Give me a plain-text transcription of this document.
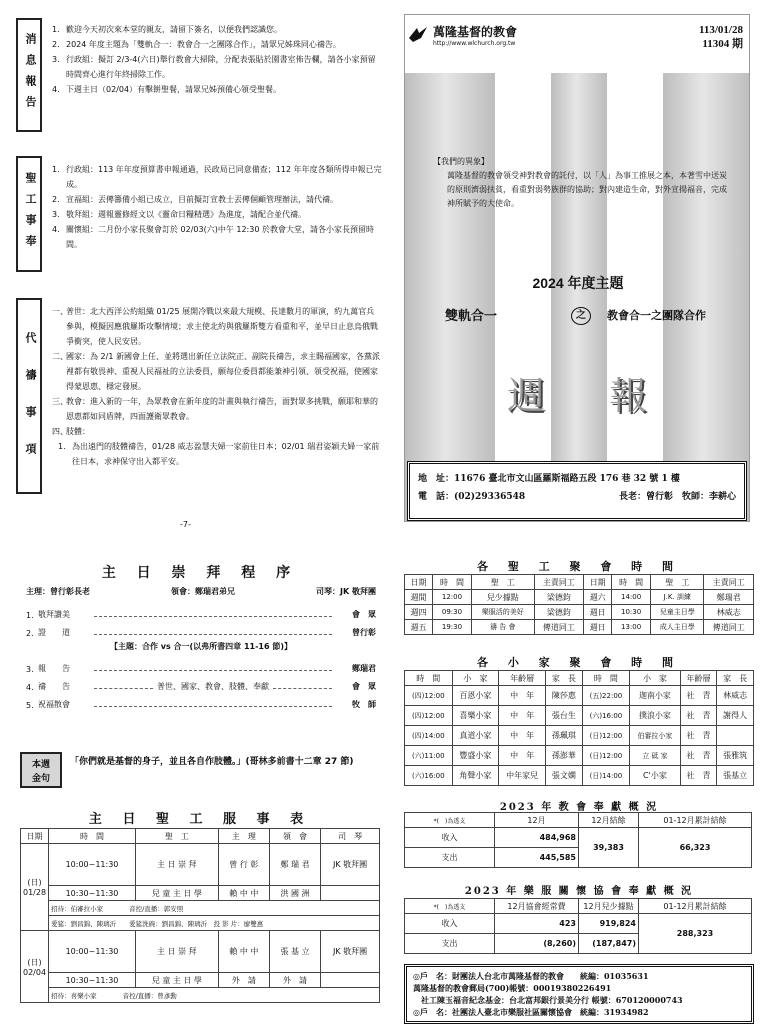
消息報告
1. 歡迎今天初次來本堂的親友，請留下簽名，以便我們認識您。
2. 2024 年度主題為「雙軌合一：教會合一之團隊合作」，請眾兄姊珠同心禱告。
3. 行政組：擬訂 2/3-4(六日)舉行教會大掃除，分配表張貼於園書室佈告欄，請各小家預留時間齊心進行年終掃除工作。
4. 下週主日（02/04）有擊餅聖餐，請眾兄姊預備心領受聖餐。
聖工事奉
1. 行政組：113 年年度預算書申報通過，民政局已同意備查；112 年年度各類所得申報已完成。
2. 宣福組：丟傳籌備小組已成立，目前擬訂宣教士丟傳個顧管理辦法，請代禱。
3. 敬拜組：週報靈修經文以《靈命日糧精選》為進度，請配合並代禱。
4. 關懷組：二月份小家長聚會訂於 02/03(六)中午 12:30 於教會大堂，請各小家長預留時間。
代禱事項
一、
普世：北大西洋公約組織 01/25 展開冷戰以來最大規模、長達數月的軍演，約九萬官兵參與，模擬因應俄羅斯攻擊情境；求主使北約與俄羅斯雙方看重和平，並早日止息烏俄戰爭衝突，使人民安居。
二、
國家：為 2/1 新國會上任、並將選出新任立法院正、副院長禱告，求主賜福國家，各黨派裡都有敬畏神、重視人民福祉的立法委員，願每位委員都能兼神引領、領受祝福，使國家得蒙恩惠、穩定發展。
三、
教會：進入新的一年，為眾教會在新年度的計畫與執行禱告，面對眾多挑戰，願耶和華的恩惠都如同盾牌，四面護衛眾教會。
四、
肢體：
1. 為出遠門的肢體禱告，01/28 威志盈慧夫婦一家前往日本；02/01 瑞君姿穎夫婦一家前往日本，求神保守出入都平安。
-7-
萬隆基督的教會
http://www.wlchurch.org.tw
113/01/28
11304 期
【我們的異象】
萬隆基督的教會領受神對教會的託付，以「人」為事工推展之本，本著雪中送炭的原則濟弱扶貧，看重對弱勢族群的協助；對內建造生命，對外宣揚福音，完成神所賦予的大使命。
2024 年度主題
雙軌合一	之	教會合一之團隊合作
週 報
地　址：11676 臺北市文山區羅斯福路五段 176 巷 32 號 1 樓
電　話：(02)29336548	長老：曾行彰　牧師：李耕心
主 日 崇 拜 程 序
主理：曾行彰長老	領會：鄭瑞君弟兄	司琴：JK 敬拜團
1. 敬拜讚美	會　眾
2. 證　　道	曾行彰
【主題：合作 vs 合一(以弗所書四章 11-16 節)】
3. 報　　告	鄭瑞君
4. 禱　　告	普世、國家、教會、肢體、奉獻	會　眾
5. 祝福散會	牧　師
本週金句
「你們就是基督的身子，並且各自作肢體。」(哥林多前書十二章 27 節)
主 日 聖 工 服 事 表
日期	時　間	聖　工	主　理	領　會	司　琴
(日)
01/28	10:00~11:30	主 日 崇 拜	曾 行 彰	鄭 瑞 君	JK 敬拜團
	10:30~11:30	兒 童 主 日 學	賴 中 中	洪 國 洲	
	招待：伯審拉小家　　　　音控/直播：郭安照				
	愛筵：劉昌錦、陳璃沂　　愛筵洗碗：劉昌錦、陳璃沂　投 影 片：廖雙惠				
(日)
02/04	10:00~11:30	主 日 崇 拜	賴 中 中	張 基 立	JK 敬拜團
	10:30~11:30	兒 童 主 日 學	外　請	外　請	
	招待：喜樂小家　　　　音控/直播：曾彥勳				
各 聖 工 聚 會 時 間
日期	時　間	聖　工	主責同工	日期	時　間	聖　工	主責同工
週間	12:00	兒少據點	梁德鈞	週六	14:00	J.K. 訓練	鄭瑞君
週四	09:30	樂服活的美好	梁德鈞	週日	10:30	兒童主日學	林威志
週五	19:30	禱 告 會	傳道同工	週日	13:00	成人主日學	傳道同工
各 小 家 聚 會 時 間
時　間	小　家	年齡層	家　長	時　間	小　家	年齡層	家　長
(四)12:00	百恩小家	中　年	陳莎惠	(五)22:00	迦南小家	社　青	林威志
(四)12:00	喜樂小家	中　年	張台生	(六)16:00	撲浪小家	社　青	謝得人
(四)14:00	真道小家	中　年	孫珮琪	(日)12:00	伯審拉小家	社　青	
(六)11:00	豐盛小家	中　年	孫澎華	(日)12:00	立 砥 家	社　青	張雅筑
(六)16:00	角聲小家	中年家兒	張文嫻	(日)14:00	C'小家	社　青	張基立
2023 年 教 會 奉 獻 概 況
*(　)為透支	12月	12月結餘	01-12月累計結餘
收入	484,968	39,383	66,323
支出	445,585		
2023 年 樂 服 關 懷 協 會 奉 獻 概 況
*(　)為透支	12月協會經常費	12月兒少據點	01-12月累計結餘
收入	423	919,824	288,323
支出	(8,260)	(187,847)	
◎戶　名：財團法人台北市萬隆基督的教會　　統編：01035631
萬隆基督的教會郵局(700)帳號：00019380226491
　社工陳玉福音紀念基金：台北富邦銀行景美分行 帳號：670120000743
◎戶　名：社團法人臺北市樂服社區關懷協會　統編：31934982
